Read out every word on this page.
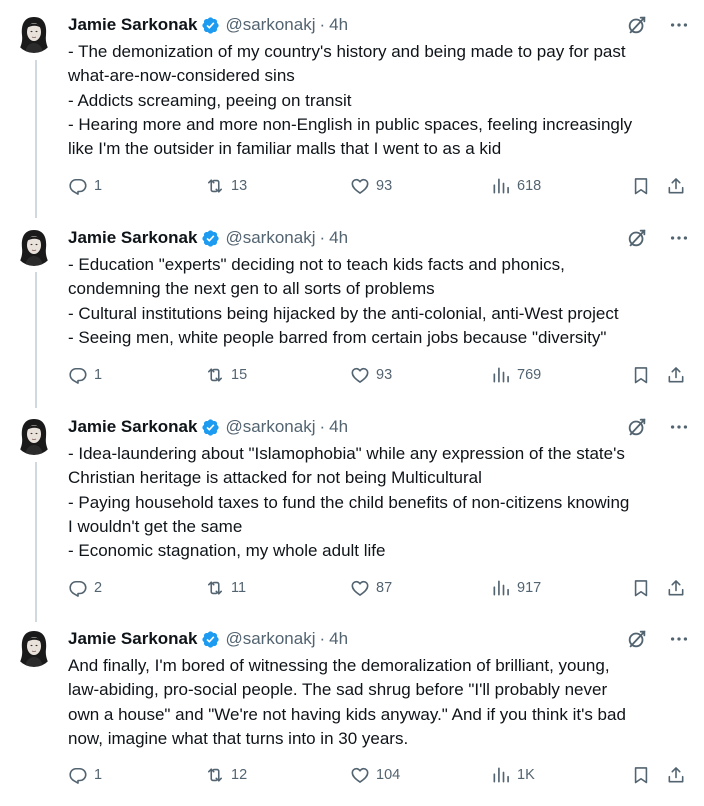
Jamie Sarkonak @sarkonakj · 4h
- The demonization of my country's history and being made to pay for past
what-are-now-considered sins
- Addicts screaming, peeing on transit
- Hearing more and more non-English in public spaces, feeling increasingly
like I'm the outsider in familiar malls that I went to as a kid
1	13	93	618
Jamie Sarkonak @sarkonakj · 4h
- Education "experts" deciding not to teach kids facts and phonics,
condemning the next gen to all sorts of problems
- Cultural institutions being hijacked by the anti-colonial, anti-West project
- Seeing men, white people barred from certain jobs because "diversity"
1	15	93	769
Jamie Sarkonak @sarkonakj · 4h
- Idea-laundering about "Islamophobia" while any expression of the state's
Christian heritage is attacked for not being Multicultural
- Paying household taxes to fund the child benefits of non-citizens knowing
I wouldn't get the same
- Economic stagnation, my whole adult life
2	11	87	917
Jamie Sarkonak @sarkonakj · 4h
And finally, I'm bored of witnessing the demoralization of brilliant, young,
law-abiding, pro-social people. The sad shrug before "I'll probably never
own a house" and "We're not having kids anyway." And if you think it's bad
now, imagine what that turns into in 30 years.
1	12	104	1K
